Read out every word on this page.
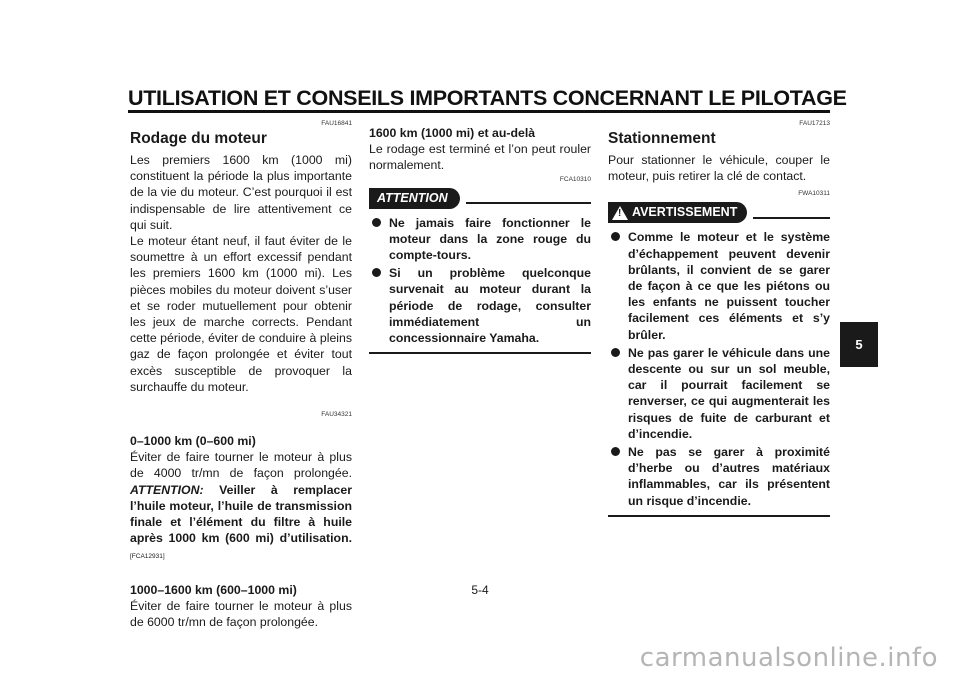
UTILISATION ET CONSEILS IMPORTANTS CONCERNANT LE PILOTAGE
FAU16841
Rodage du moteur

Les premiers 1600 km (1000 mi) constituent la période la plus importante de la vie du moteur. C’est pourquoi il est indispensable de lire attentivement ce qui suit.

Le moteur étant neuf, il faut éviter de le soumettre à un effort excessif pendant les premiers 1600 km (1000 mi). Les pièces mobiles du moteur doivent s’user et se roder mutuellement pour obtenir les jeux de marche corrects. Pendant cette période, éviter de conduire à pleins gaz de façon prolongée et éviter tout excès susceptible de provoquer la surchauffe du moteur.

FAU34321

0–1000 km (0–600 mi)

Éviter de faire tourner le moteur à plus de 4000 tr/mn de façon prolongée. ATTENTION: Veiller à remplacer l’huile moteur, l’huile de transmission finale et l’élément du filtre à huile après 1000 km (600 mi) d’utilisation.[FCA12931]

1000–1600 km (600–1000 mi)

Éviter de faire tourner le moteur à plus de 6000 tr/mn de façon prolongée.

1600 km (1000 mi) et au-delà

Le rodage est terminé et l’on peut rouler normalement.

FCA10310
ATTENTION
Ne jamais faire fonctionner le moteur dans la zone rouge du compte-tours.
Si un problème quelconque survenait au moteur durant la période de rodage, consulter immédiatement un concessionnaire Yamaha.
FAU17213
Stationnement

Pour stationner le véhicule, couper le moteur, puis retirer la clé de contact.

FWA10311
! AVERTISSEMENT
Comme le moteur et le système d’échappement peuvent devenir brûlants, il convient de se garer de façon à ce que les piétons ou les enfants ne puissent toucher facilement ces éléments et s’y brûler.
Ne pas garer le véhicule dans une descente ou sur un sol meuble, car il pourrait facilement se renverser, ce qui augmenterait les risques de fuite de carburant et d’incendie.
Ne pas se garer à proximité d’herbe ou d’autres matériaux inflammables, car ils présentent un risque d’incendie.
5
5-4
carmanualsonline.info
